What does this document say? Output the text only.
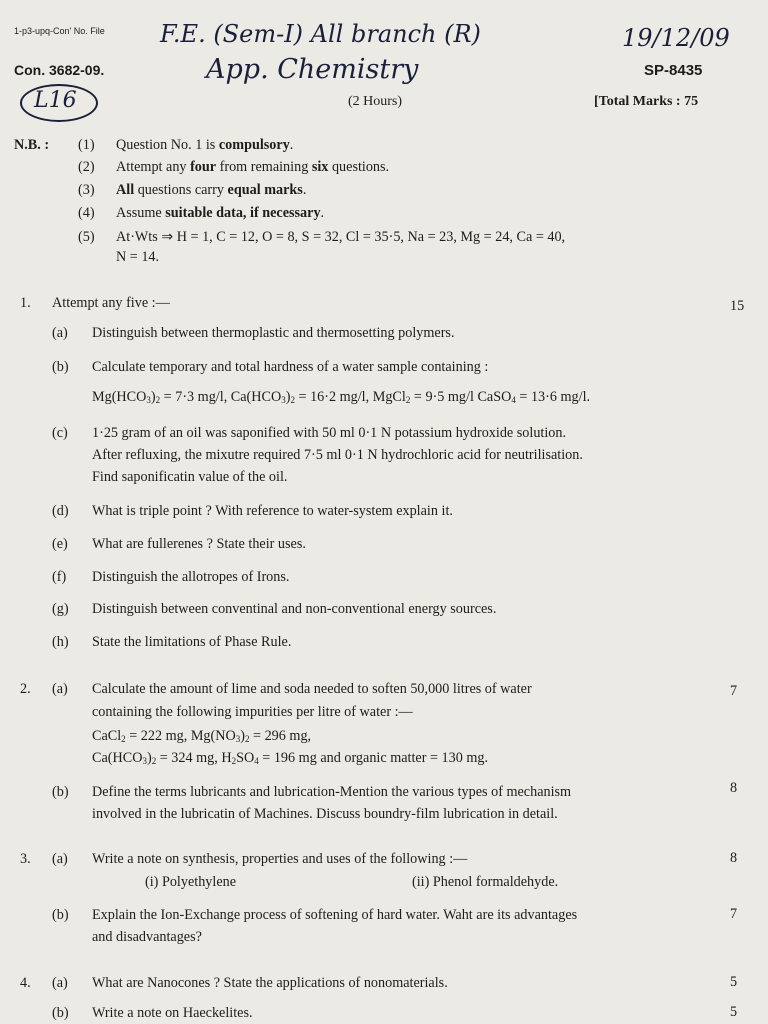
1-p3-upq-Con' No. File F.E. (Sem-I) All branch (R)	19/12/09
App. Chemistry
L16
Con. 3682-09.	SP-8435
(2 Hours)	[Total Marks : 75
N.B. : (1) Question No. 1 is compulsory.
(2) Attempt any four from remaining six questions.
(3) All questions carry equal marks.
(4) Assume suitable data, if necessary.
(5) At·Wts ⇒ H = 1, C = 12, O = 8, S = 32, Cl = 35·5, Na = 23, Mg = 24, Ca = 40,
N = 14.
1. Attempt any five :—	15
(a) Distinguish between thermoplastic and thermosetting polymers.
(b) Calculate temporary and total hardness of a water sample containing :
$Mg(HCO_3)_2 = 7\cdot 3$ mg/l, $Ca(HCO_3)_2 = 16\cdot 2$ mg/l, MgCl$_2$ = 9·5 mg/l CaSO$_4$ = 13·6 mg/l.
(c) 1·25 gram of an oil was saponified with 50 ml 0·1 N potassium hydroxide solution.
After refluxing, the mixutre required 7·5 ml 0·1 N hydrochloric acid for neutrilisation.
Find saponificatin value of the oil.
(d) What is triple point ? With reference to water-system explain it.
(e) What are fullerenes ? State their uses.
(f) Distinguish the allotropes of Irons.
(g) Distinguish between conventinal and non-conventional energy sources.
(h) State the limitations of Phase Rule.
2. (a) Calculate the amount of lime and soda needed to soften 50,000 litres of water	7
containing the following impurities per litre of water :—
CaCl$_2$ = 222 mg, $Mg(NO_3)_2 = 296$ mg,
$Ca(HCO_3)_2 = 324$ mg, $H_2SO_4 = 196$ mg and organic matter = 130 mg.
(b) Define the terms lubricants and lubrication-Mention the various types of mechanism	8
involved in the lubricatin of Machines. Discuss boundry-film lubrication in detail.
3. (a) Write a note on synthesis, properties and uses of the following :—	8
(i) Polyethylene	(ii) Phenol formaldehyde.
(b) Explain the Ion-Exchange process of softening of hard water. Waht are its advantages	7
and disadvantages?
4. (a) What are Nanocones ? State the applications of nonomaterials.	5
(b) Write a note on Haeckelites.	5
